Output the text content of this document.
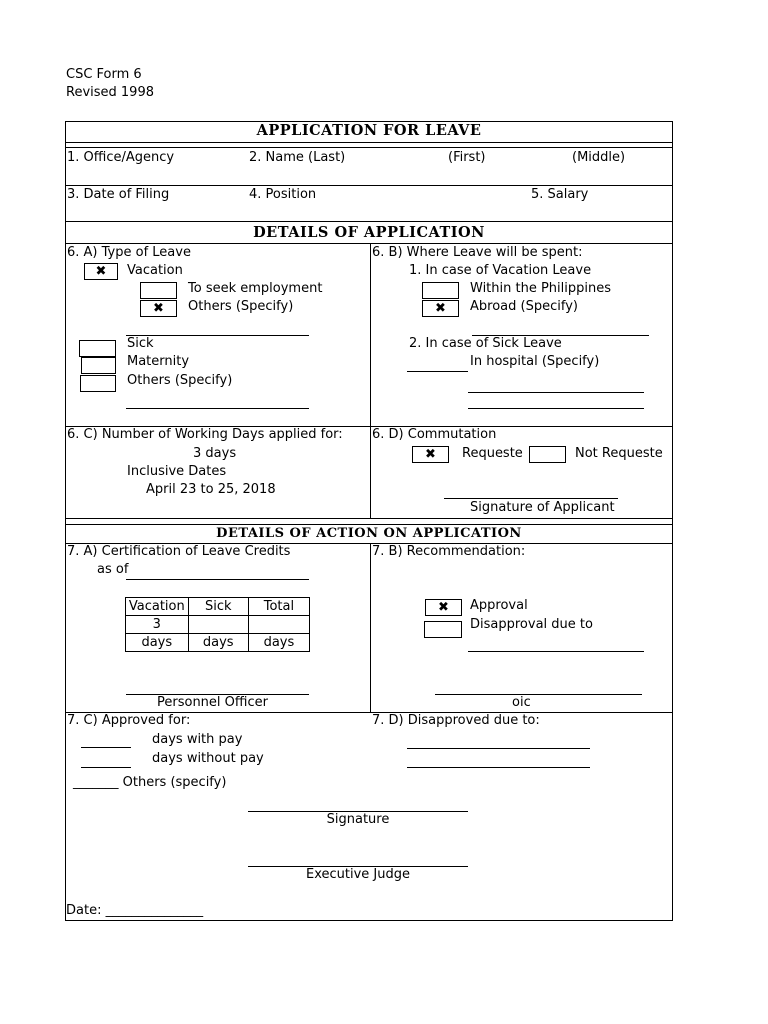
CSC Form 6
Revised 1998
APPLICATION FOR LEAVE
1. Office/Agency	2. Name (Last)	(First)	(Middle)
3. Date of Filing	4. Position	5. Salary
DETAILS OF APPLICATION
6. A) Type of Leave
✖	Vacation
To seek employment
✖	Others (Specify)
Sick
Maternity
Others (Specify)
6. B) Where Leave will be spent:
1. In case of Vacation Leave
Within the Philippines
✖	Abroad (Specify)
2. In case of Sick Leave
In hospital (Specify)
6. C) Number of Working Days applied for:
3 days
Inclusive Dates
April 23 to 25, 2018
6. D) Commutation
✖	Requeste	Not Requeste
Signature of Applicant
DETAILS OF ACTION ON APPLICATION
7. A) Certification of Leave Credits
as of
Vacation	Sick	Total
3		
days	days	days
Personnel Officer
7. B) Recommendation:
✖	Approval
Disapproval due to
oic
7. C) Approved for:
days with pay
days without pay
_______ Others (specify)
7. D) Disapproved due to:
Signature
Executive Judge
Date: _______________
